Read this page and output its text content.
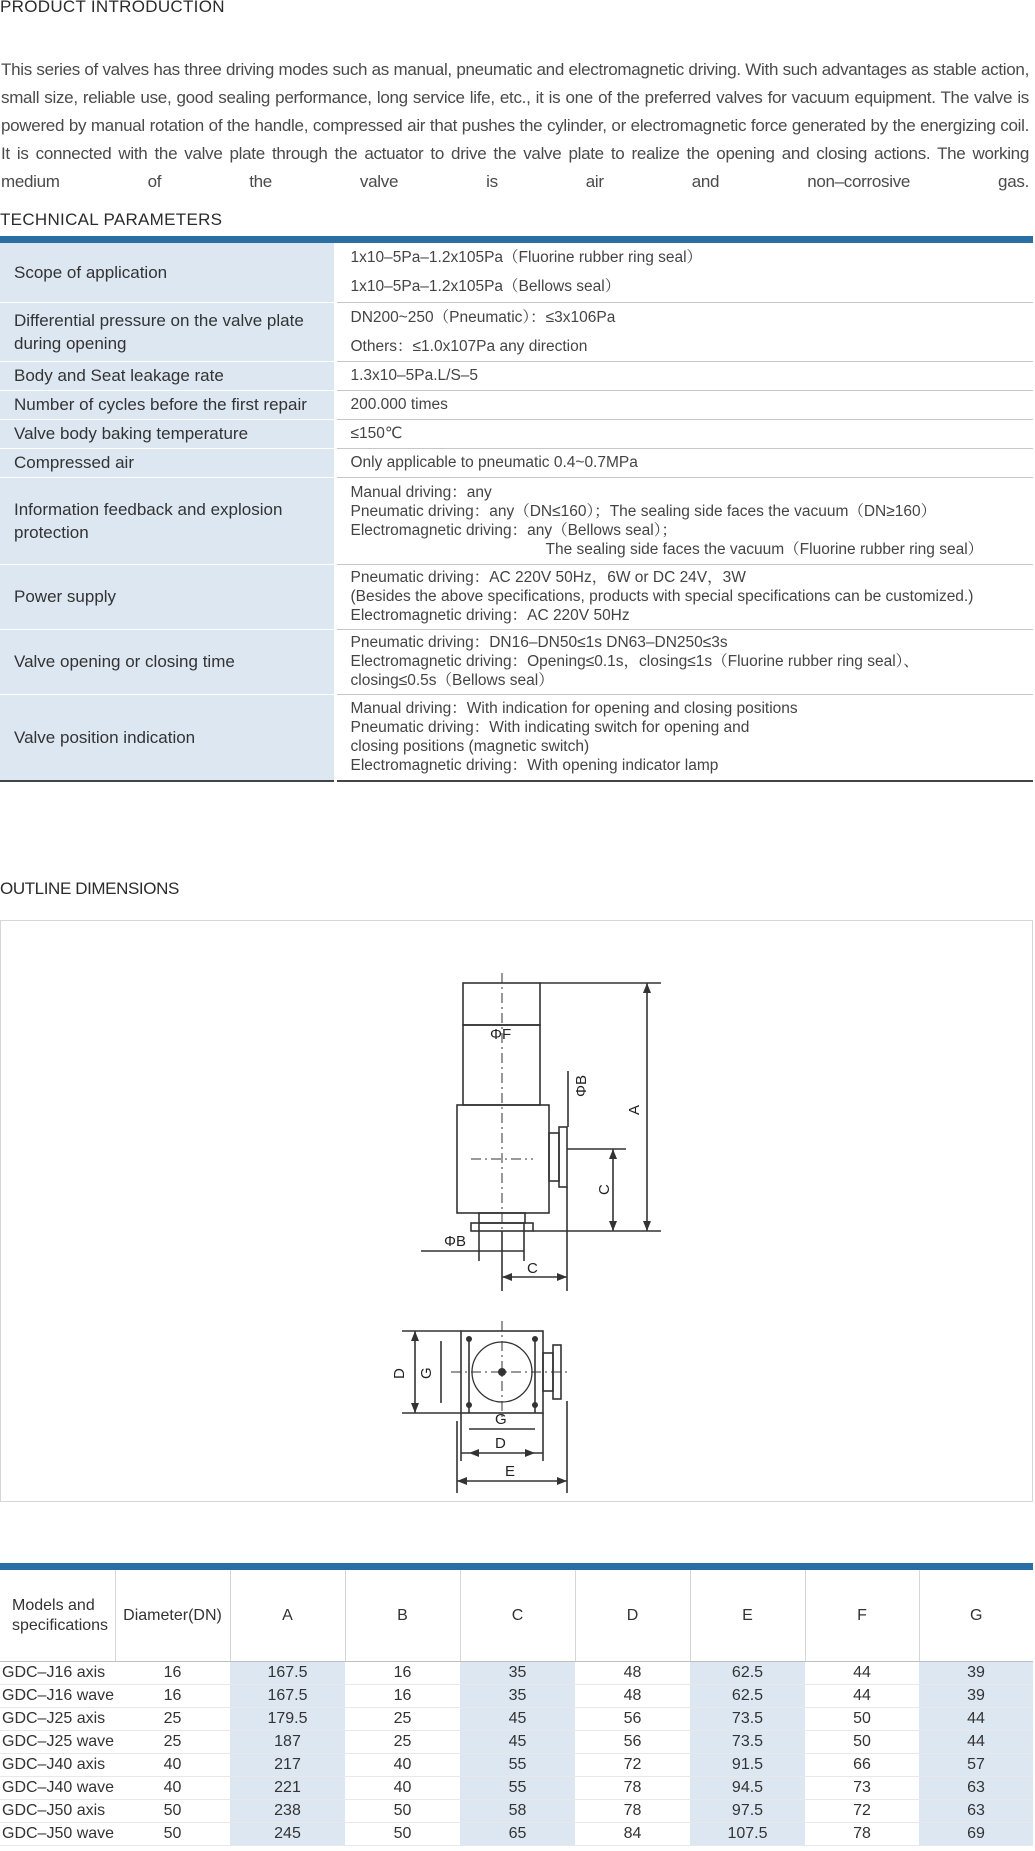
PRODUCT INTRODUCTION
This series of valves has three driving modes such as manual, pneumatic and electromagnetic driving. With such advantages as stable action, small size, reliable use, good sealing performance, long service life, etc., it is one of the preferred valves for vacuum equipment. The valve is powered by manual rotation of the handle, compressed air that pushes the cylinder, or electromagnetic force generated by the energizing coil. It is connected with the valve plate through the actuator to drive the valve plate to realize the opening and closing actions. The working medium of the valve is air and non–corrosive gas.
TECHNICAL PARAMETERS
Scope of application	1x10–5Pa–1.2x105Pa（Fluorine rubber ring seal）
1x10–5Pa–1.2x105Pa（Bellows seal）

Differential pressure on the valve plate during opening	DN200~250（Pneumatic）：≤3x106Pa
Others：≤1.0x107Pa any direction

Body and Seat leakage rate	1.3x10–5Pa.L/S–5

Number of cycles before the first repair	200.000 times

Valve body baking temperature	≤150℃

Compressed air	Only applicable to pneumatic 0.4~0.7MPa

Information feedback and explosion protection	Manual driving：any
Pneumatic driving：any（DN≤160）；The sealing side faces the vacuum（DN≥160）
Electromagnetic driving：any（Bellows seal）；
The sealing side faces the vacuum（Fluorine rubber ring seal）

Power supply	Pneumatic driving：AC 220V 50Hz，6W or DC 24V，3W
(Besides the above specifications, products with special specifications can be customized.)
Electromagnetic driving：AC 220V 50Hz

Valve opening or closing time	Pneumatic driving：DN16–DN50≤1s DN63–DN250≤3s
Electromagnetic driving：Opening≤0.1s，closing≤1s（Fluorine rubber ring seal）、
closing≤0.5s（Bellows seal）

Valve position indication	Manual driving：With indication for opening and closing positions
Pneumatic driving：With indicating switch for opening and
closing positions (magnetic switch)
Electromagnetic driving：With opening indicator lamp
OUTLINE DIMENSIONS
ΦF
ΦB
A
C
ΦB
C
D G
G
D
E
Models and specifications	Diameter(DN)	A	B	C	D	E	F	G
GDC–J16 axis	16	167.5	16	35	48	62.5	44	39
GDC–J16 wave	16	167.5	16	35	48	62.5	44	39
GDC–J25 axis	25	179.5	25	45	56	73.5	50	44
GDC–J25 wave	25	187	25	45	56	73.5	50	44
GDC–J40 axis	40	217	40	55	72	91.5	66	57
GDC–J40 wave	40	221	40	55	78	94.5	73	63
GDC–J50 axis	50	238	50	58	78	97.5	72	63
GDC–J50 wave	50	245	50	65	84	107.5	78	69
